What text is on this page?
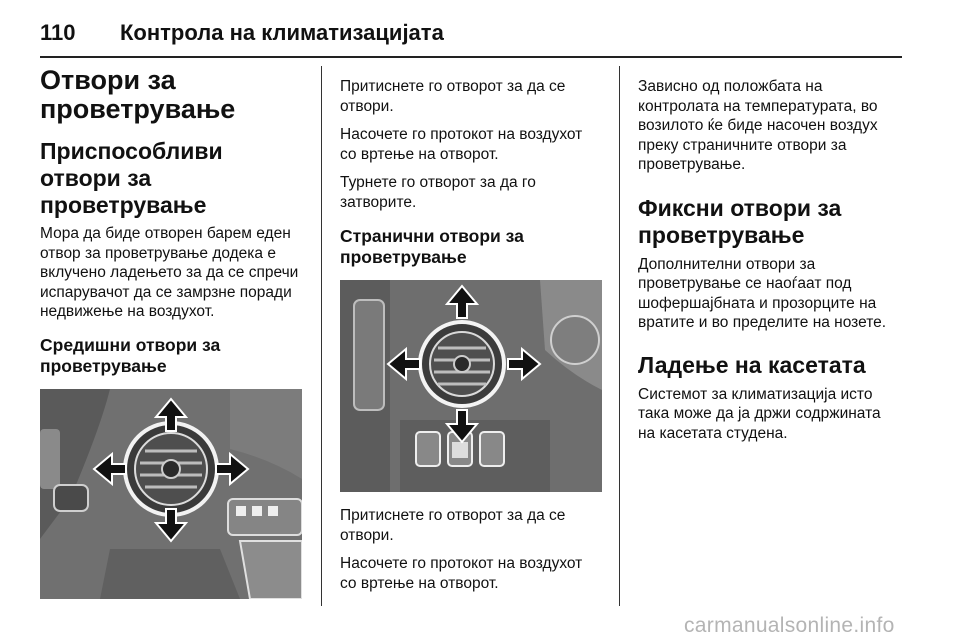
110 Контрола на климатизацијата
Отвори за проветрување
Приспособливи отвори за проветрување

Мора да биде отворен барем еден отвор за проветрување додека е вклучено ладењето за да се спречи испарувачот да се замрзне поради недвижење на воздухот.

Средишни отвори за проветрување

Притиснете го отворот за да се отвори.

Насочете го протокот на воздухот со вртење на отворот.

Турнете го отворот за да го затворите.

Странични отвори за проветрување

Притиснете го отворот за да се отвори.

Насочете го протокот на воздухот со вртење на отворот.

Зависно од положбата на контролата на температурата, во возилото ќе биде насочен воздух преку страничните отвори за проветрување.

Фиксни отвори за проветрување

Дополнителни отвори за проветрување се наоѓаат под шофершајбната и прозорците на вратите и во пределите на нозете.

Ладење на касетата

Системот за климатизација исто така може да ја држи содржината на касетата студена.

carmanualsonline.info
